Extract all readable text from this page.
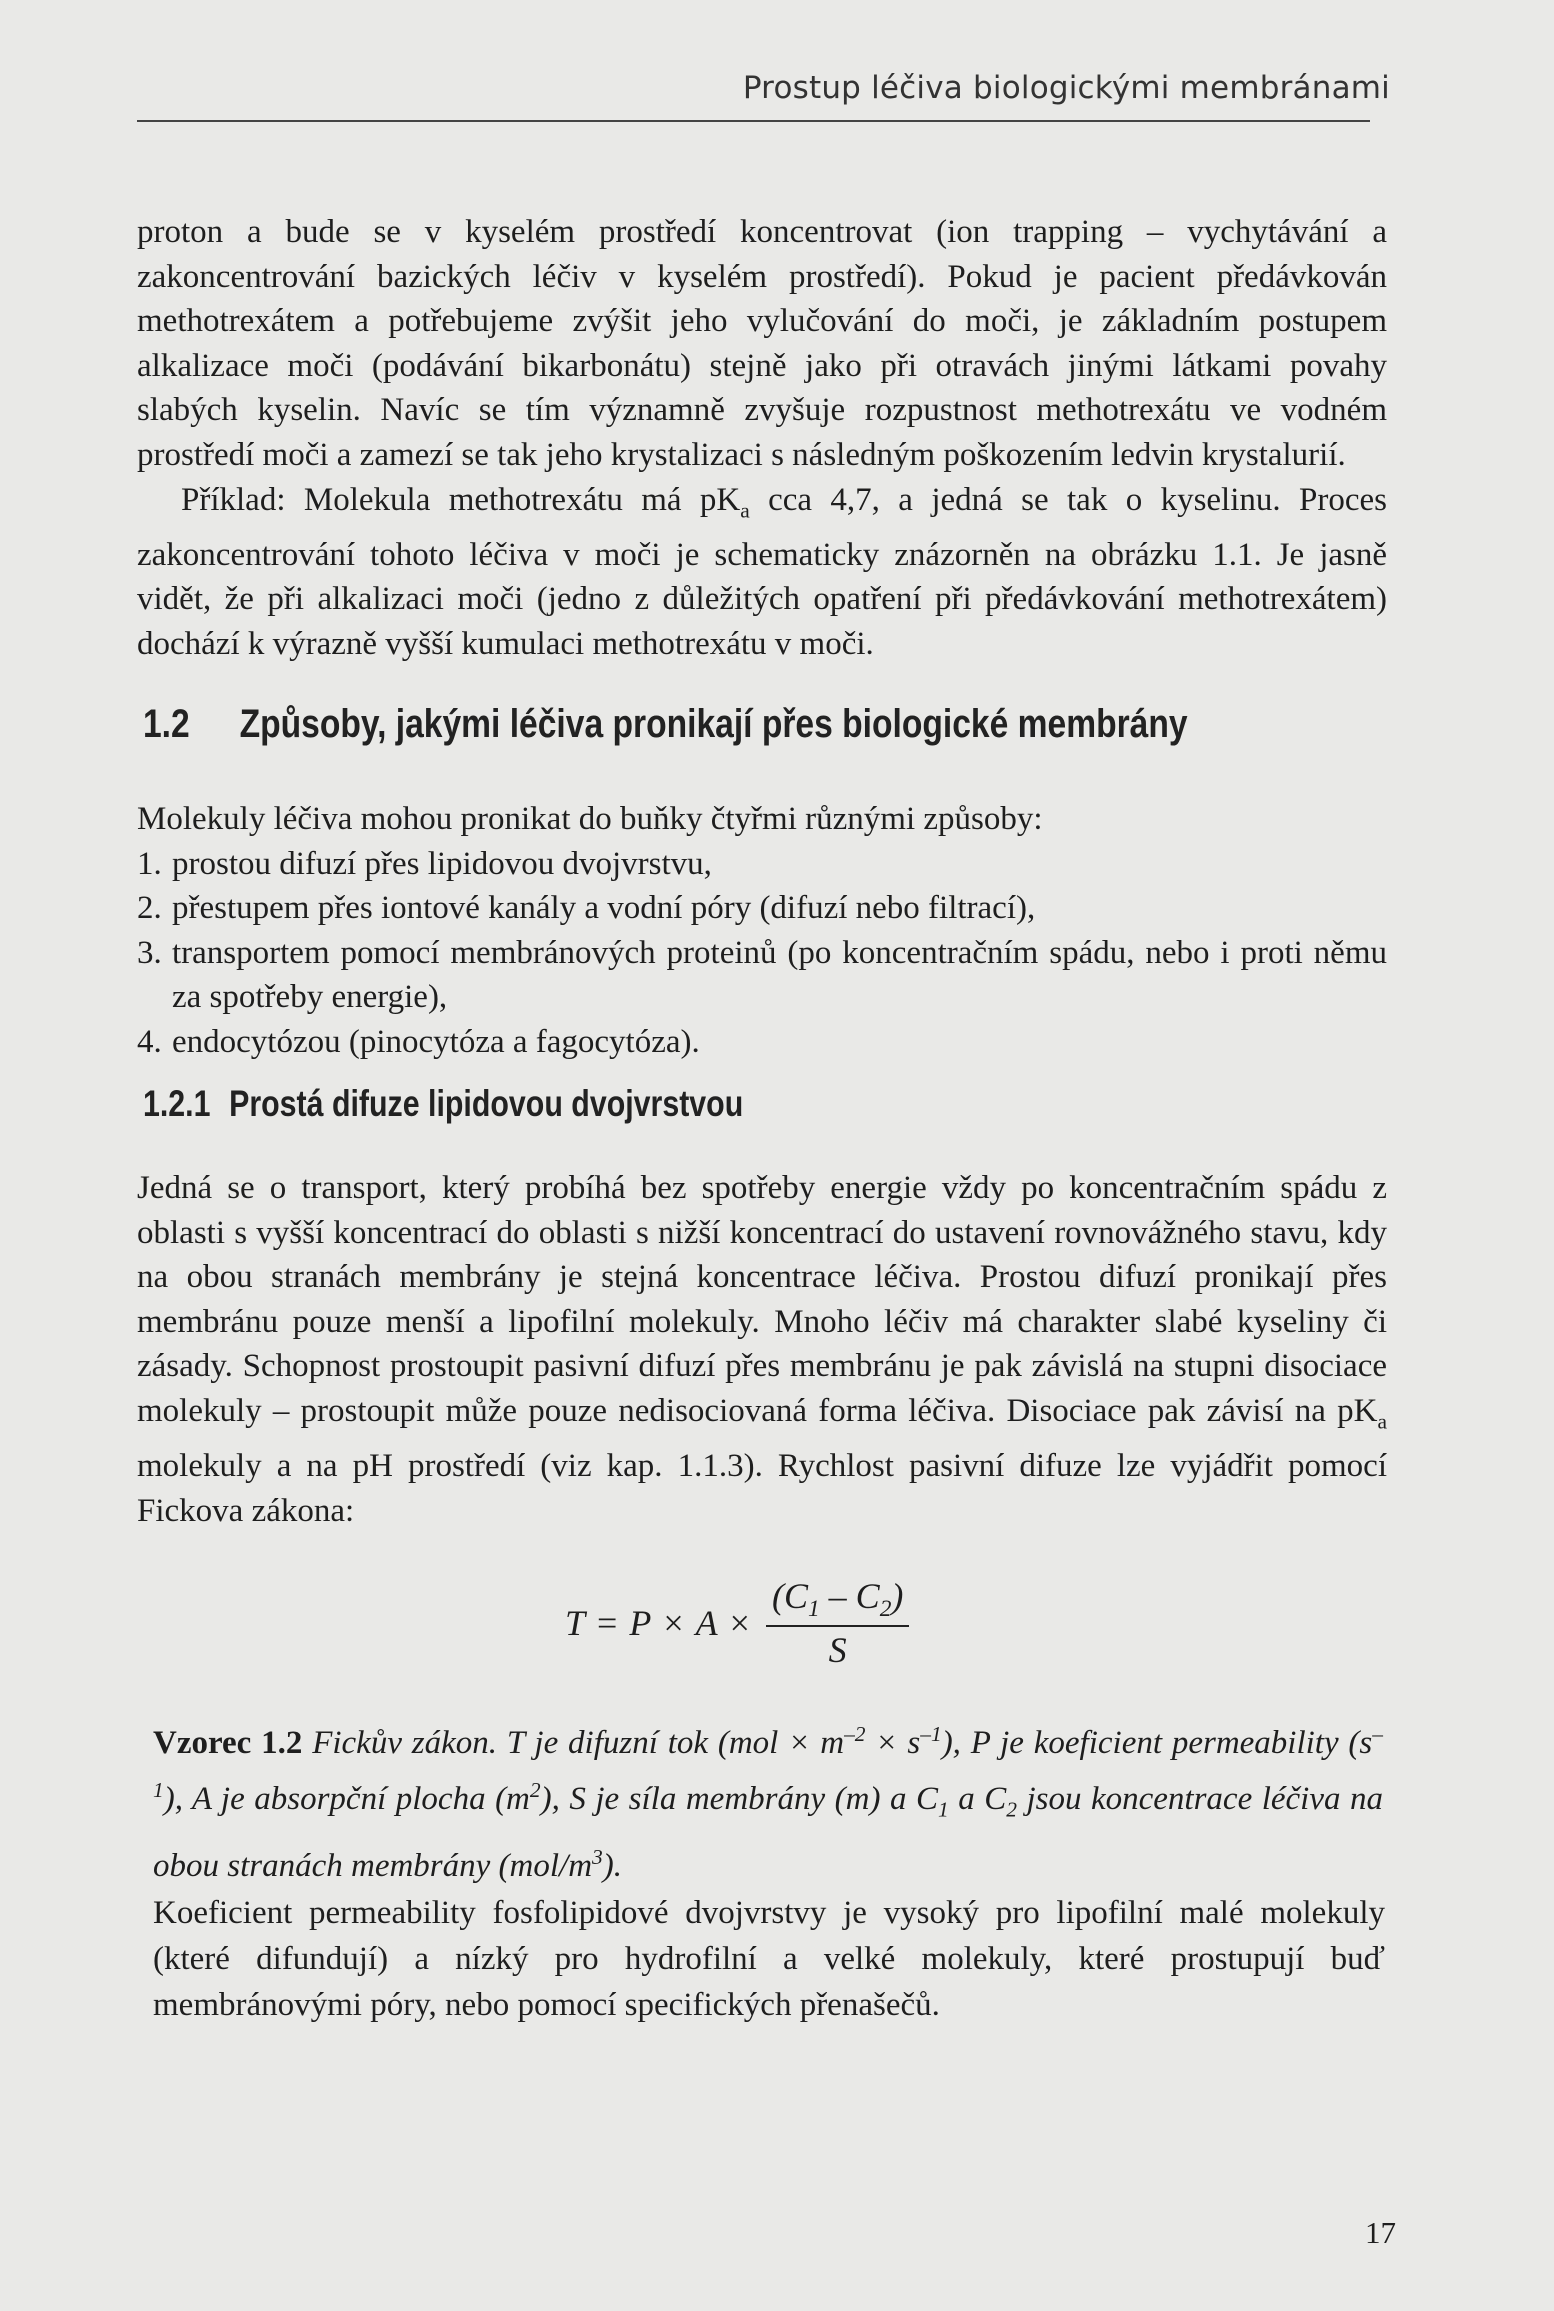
Prostup léčiva biologickými membránami

proton a bude se v kyselém prostředí koncentrovat (ion trapping – vychytávání a zakoncentrování bazických léčiv v kyselém prostředí). Pokud je pacient předávkován methotrexátem a potřebujeme zvýšit jeho vylučování do moči, je základním postupem alkalizace moči (podávání bikarbonátu) stejně jako při otravách jinými látkami povahy slabých kyselin. Navíc se tím významně zvyšuje rozpustnost methotrexátu ve vodném prostředí moči a zamezí se tak jeho krystalizaci s následným poškozením ledvin krystalurií.

Příklad: Molekula methotrexátu má $pK_a$ cca 4,7, a jedná se tak o kyselinu. Proces zakoncentrování tohoto léčiva v moči je schematicky znázorněn na obrázku 1.1. Je jasně vidět, že při alkalizaci moči (jedno z důležitých opatření při předávkování methotrexátem) dochází k výrazně vyšší kumulaci methotrexátu v moči.

1.2 Způsoby, jakými léčiva pronikají přes biologické membrány

Molekuly léčiva mohou pronikat do buňky čtyřmi různými způsoby:

1. prostou difuzí přes lipidovou dvojvrstvu,
2. přestupem přes iontové kanály a vodní póry (difuzí nebo filtrací),
3. transportem pomocí membránových proteinů (po koncentračním spádu, nebo i proti němu za spotřeby energie),
4. endocytózou (pinocytóza a fagocytóza).
1.2.1 Prostá difuze lipidovou dvojvrstvou

Jedná se o transport, který probíhá bez spotřeby energie vždy po koncentračním spádu z oblasti s vyšší koncentrací do oblasti s nižší koncentrací do ustavení rovnovážného stavu, kdy na obou stranách membrány je stejná koncentrace léčiva. Prostou difuzí pronikají přes membránu pouze menší a lipofilní molekuly. Mnoho léčiv má charakter slabé kyseliny či zásady. Schopnost prostoupit pasivní difuzí přes membránu je pak závislá na stupni disociace molekuly – prostoupit může pouze nedisociovaná forma léčiva. Disociace pak závisí na $pK_a$ molekuly a na pH prostředí (viz kap. 1.1.3). Rychlost pasivní difuze lze vyjádřit pomocí Fickova zákona:

$T = P \times A \times \frac{(C_1 - C_2)}{S}$
Vzorec 1.2 Fickův zákon. T je difuzní tok $(mol \times m^{-2} \times s^{-1})$, P je koeficient permeability $(s^{-1})$, A je absorpční plocha $(m^2)$, S je síla membrány (m) a $C_1$ a $C_2$ jsou koncentrace léčiva na obou stranách membrány $(mol/m^3)$.

Koeficient permeability fosfolipidové dvojvrstvy je vysoký pro lipofilní malé molekuly (které difundují) a nízký pro hydrofilní a velké molekuly, které prostupují buď membránovými póry, nebo pomocí specifických přenašečů.

17
